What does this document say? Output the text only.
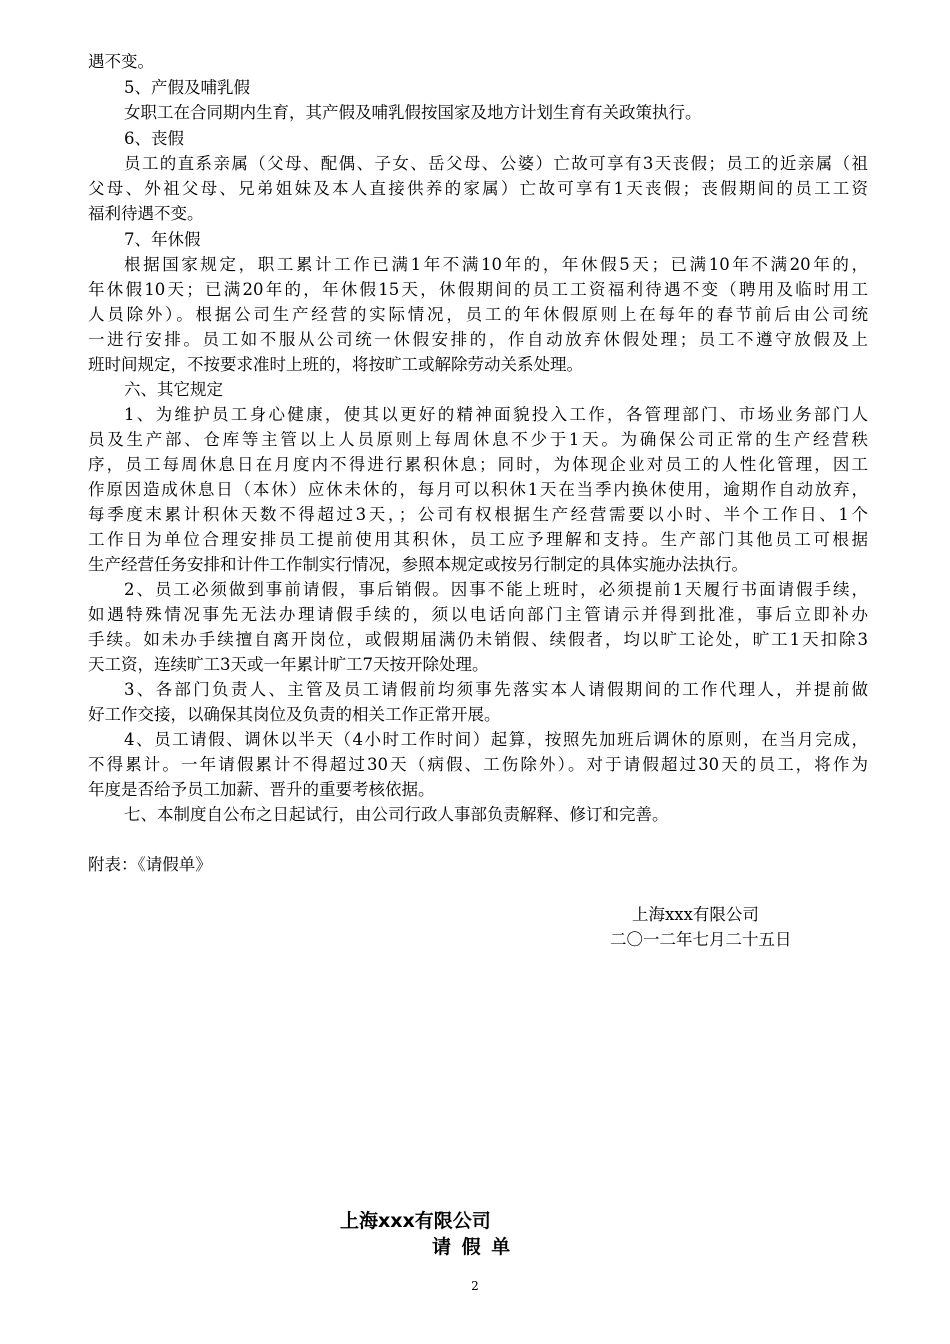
遇不变。
5、产假及哺乳假
女职工在合同期内生育，其产假及哺乳假按国家及地方计划生育有关政策执行。
6、丧假
员工的直系亲属（父母、配偶、子女、岳父母、公婆）亡故可享有3天丧假；员工的近亲属（祖
父母、外祖父母、兄弟姐妹及本人直接供养的家属）亡故可享有1天丧假；丧假期间的员工工资
福利待遇不变。
7、年休假
根据国家规定，职工累计工作已满1年不满10年的，年休假5天；已满10年不满20年的，
年休假10天；已满20年的，年休假15天，休假期间的员工工资福利待遇不变（聘用及临时用工
人员除外）。根据公司生产经营的实际情况，员工的年休假原则上在每年的春节前后由公司统
一进行安排。员工如不服从公司统一休假安排的，作自动放弃休假处理；员工不遵守放假及上
班时间规定，不按要求准时上班的，将按旷工或解除劳动关系处理。
六、其它规定
1、为维护员工身心健康，使其以更好的精神面貌投入工作，各管理部门、市场业务部门人
员及生产部、仓库等主管以上人员原则上每周休息不少于1天。为确保公司正常的生产经营秩
序，员工每周休息日在月度内不得进行累积休息；同时，为体现企业对员工的人性化管理，因工
作原因造成休息日（本休）应休未休的，每月可以积休1天在当季内换休使用，逾期作自动放弃，
每季度末累计积休天数不得超过3天，；公司有权根据生产经营需要以小时、半个工作日、1个
工作日为单位合理安排员工提前使用其积休，员工应予理解和支持。生产部门其他员工可根据
生产经营任务安排和计件工作制实行情况，参照本规定或按另行制定的具体实施办法执行。
2、员工必须做到事前请假，事后销假。因事不能上班时，必须提前1天履行书面请假手续，
如遇特殊情况事先无法办理请假手续的，须以电话向部门主管请示并得到批准，事后立即补办
手续。如未办手续擅自离开岗位，或假期届满仍未销假、续假者，均以旷工论处，旷工1天扣除3
天工资，连续旷工3天或一年累计旷工7天按开除处理。
3、各部门负责人、主管及员工请假前均须事先落实本人请假期间的工作代理人，并提前做
好工作交接，以确保其岗位及负责的相关工作正常开展。
4、员工请假、调休以半天（4小时工作时间）起算，按照先加班后调休的原则，在当月完成，
不得累计。一年请假累计不得超过30天（病假、工伤除外）。对于请假超过30天的员工，将作为
年度是否给予员工加薪、晋升的重要考核依据。
七、本制度自公布之日起试行，由公司行政人事部负责解释、修订和完善。
附表：《请假单》
上海xxx有限公司
二〇一二年七月二十五日
上海xxx有限公司
请 假 单
2
